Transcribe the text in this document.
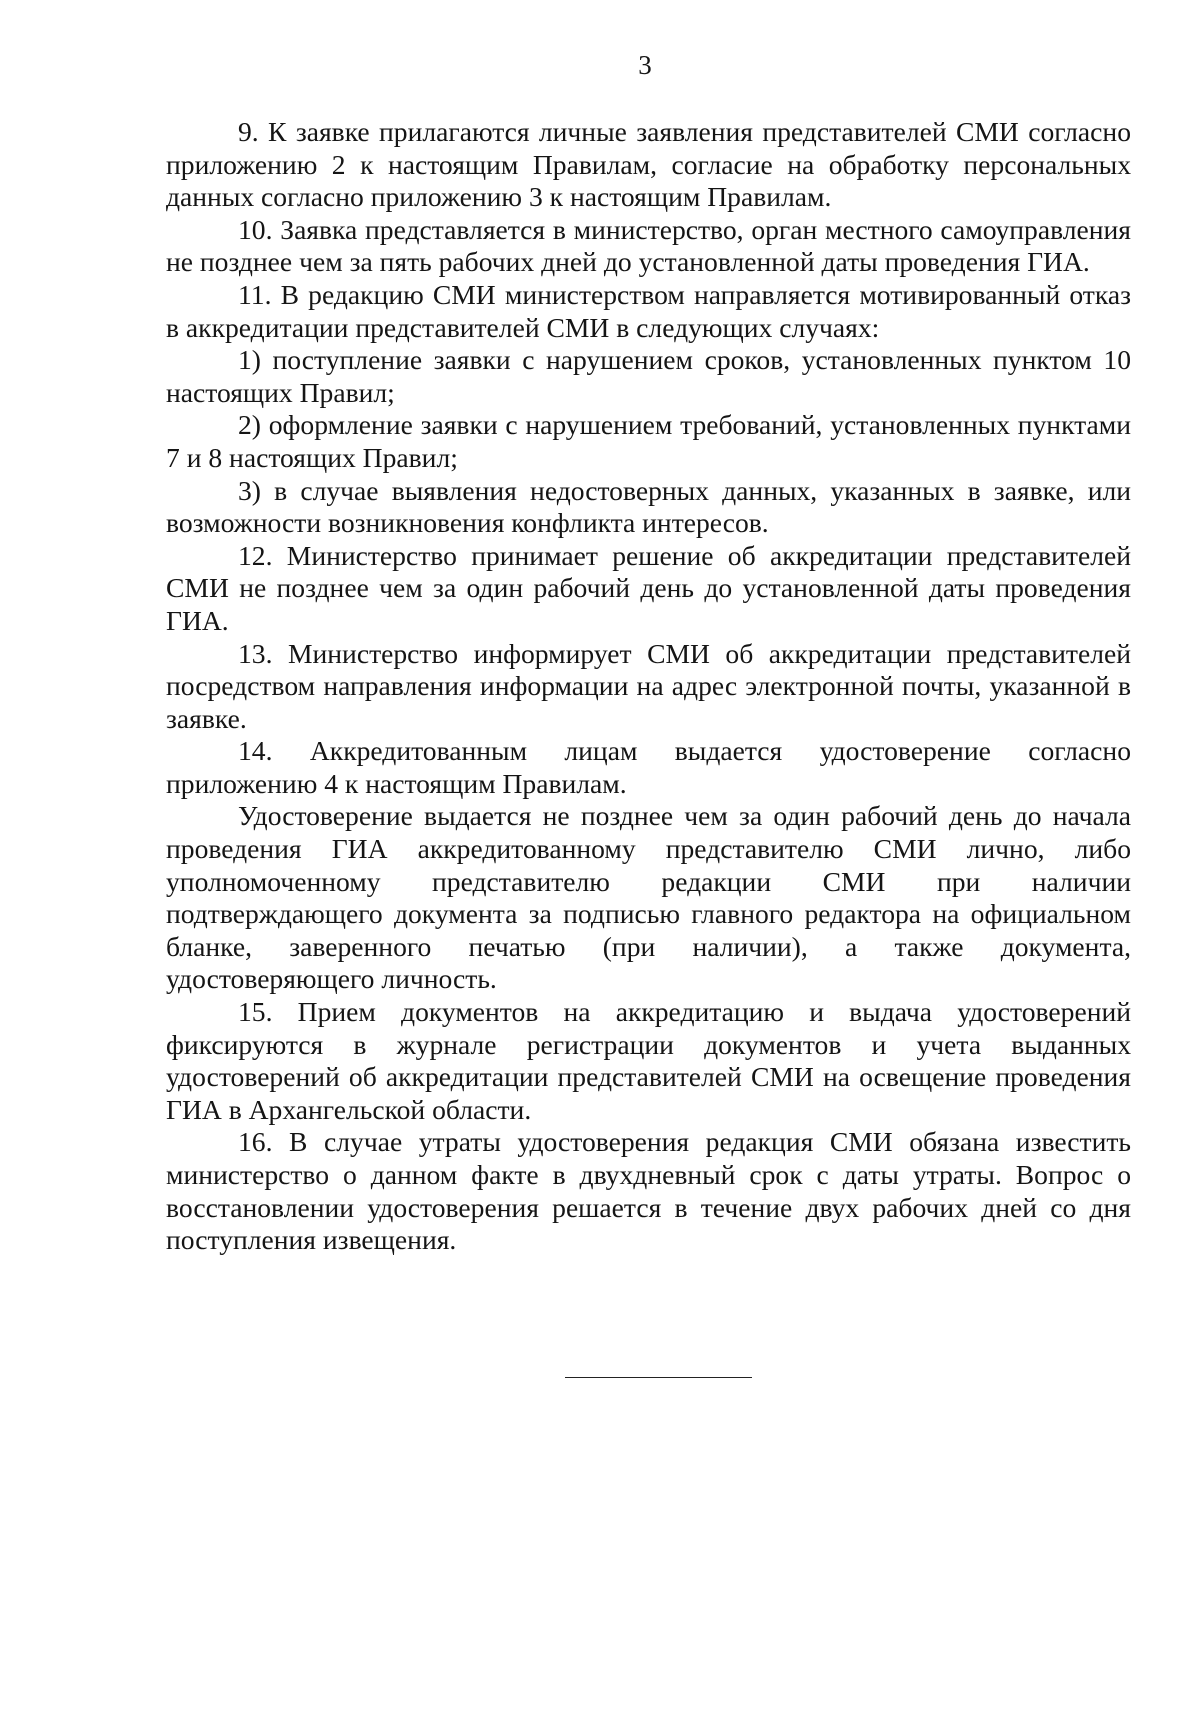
3

9. К заявке прилагаются личные заявления представителей СМИ согласно приложению 2 к настоящим Правилам, согласие на обработку персональных данных согласно приложению 3 к настоящим Правилам.

10. Заявка представляется в министерство, орган местного самоуправления не позднее чем за пять рабочих дней до установленной даты проведения ГИА.

11. В редакцию СМИ министерством направляется мотивированный отказ в аккредитации представителей СМИ в следующих случаях:

1) поступление заявки с нарушением сроков, установленных пунктом 10 настоящих Правил;

2) оформление заявки с нарушением требований, установленных пунктами 7 и 8 настоящих Правил;

3) в случае выявления недостоверных данных, указанных в заявке, или возможности возникновения конфликта интересов.

12. Министерство принимает решение об аккредитации представителей СМИ не позднее чем за один рабочий день до установленной даты проведения ГИА.

13. Министерство информирует СМИ об аккредитации представителей посредством направления информации на адрес электронной почты, указанной в заявке.

14. Аккредитованным лицам выдается удостоверение согласно приложению 4 к настоящим Правилам.

Удостоверение выдается не позднее чем за один рабочий день до начала проведения ГИА аккредитованному представителю СМИ лично, либо уполномоченному представителю редакции СМИ при наличии подтверждающего документа за подписью главного редактора на официальном бланке, заверенного печатью (при наличии), а также документа, удостоверяющего личность.

15. Прием документов на аккредитацию и выдача удостоверений фиксируются в журнале регистрации документов и учета выданных удостоверений об аккредитации представителей СМИ на освещение проведения ГИА в Архангельской области.

16. В случае утраты удостоверения редакция СМИ обязана известить министерство о данном факте в двухдневный срок с даты утраты. Вопрос о восстановлении удостоверения решается в течение двух рабочих дней со дня поступления извещения.
